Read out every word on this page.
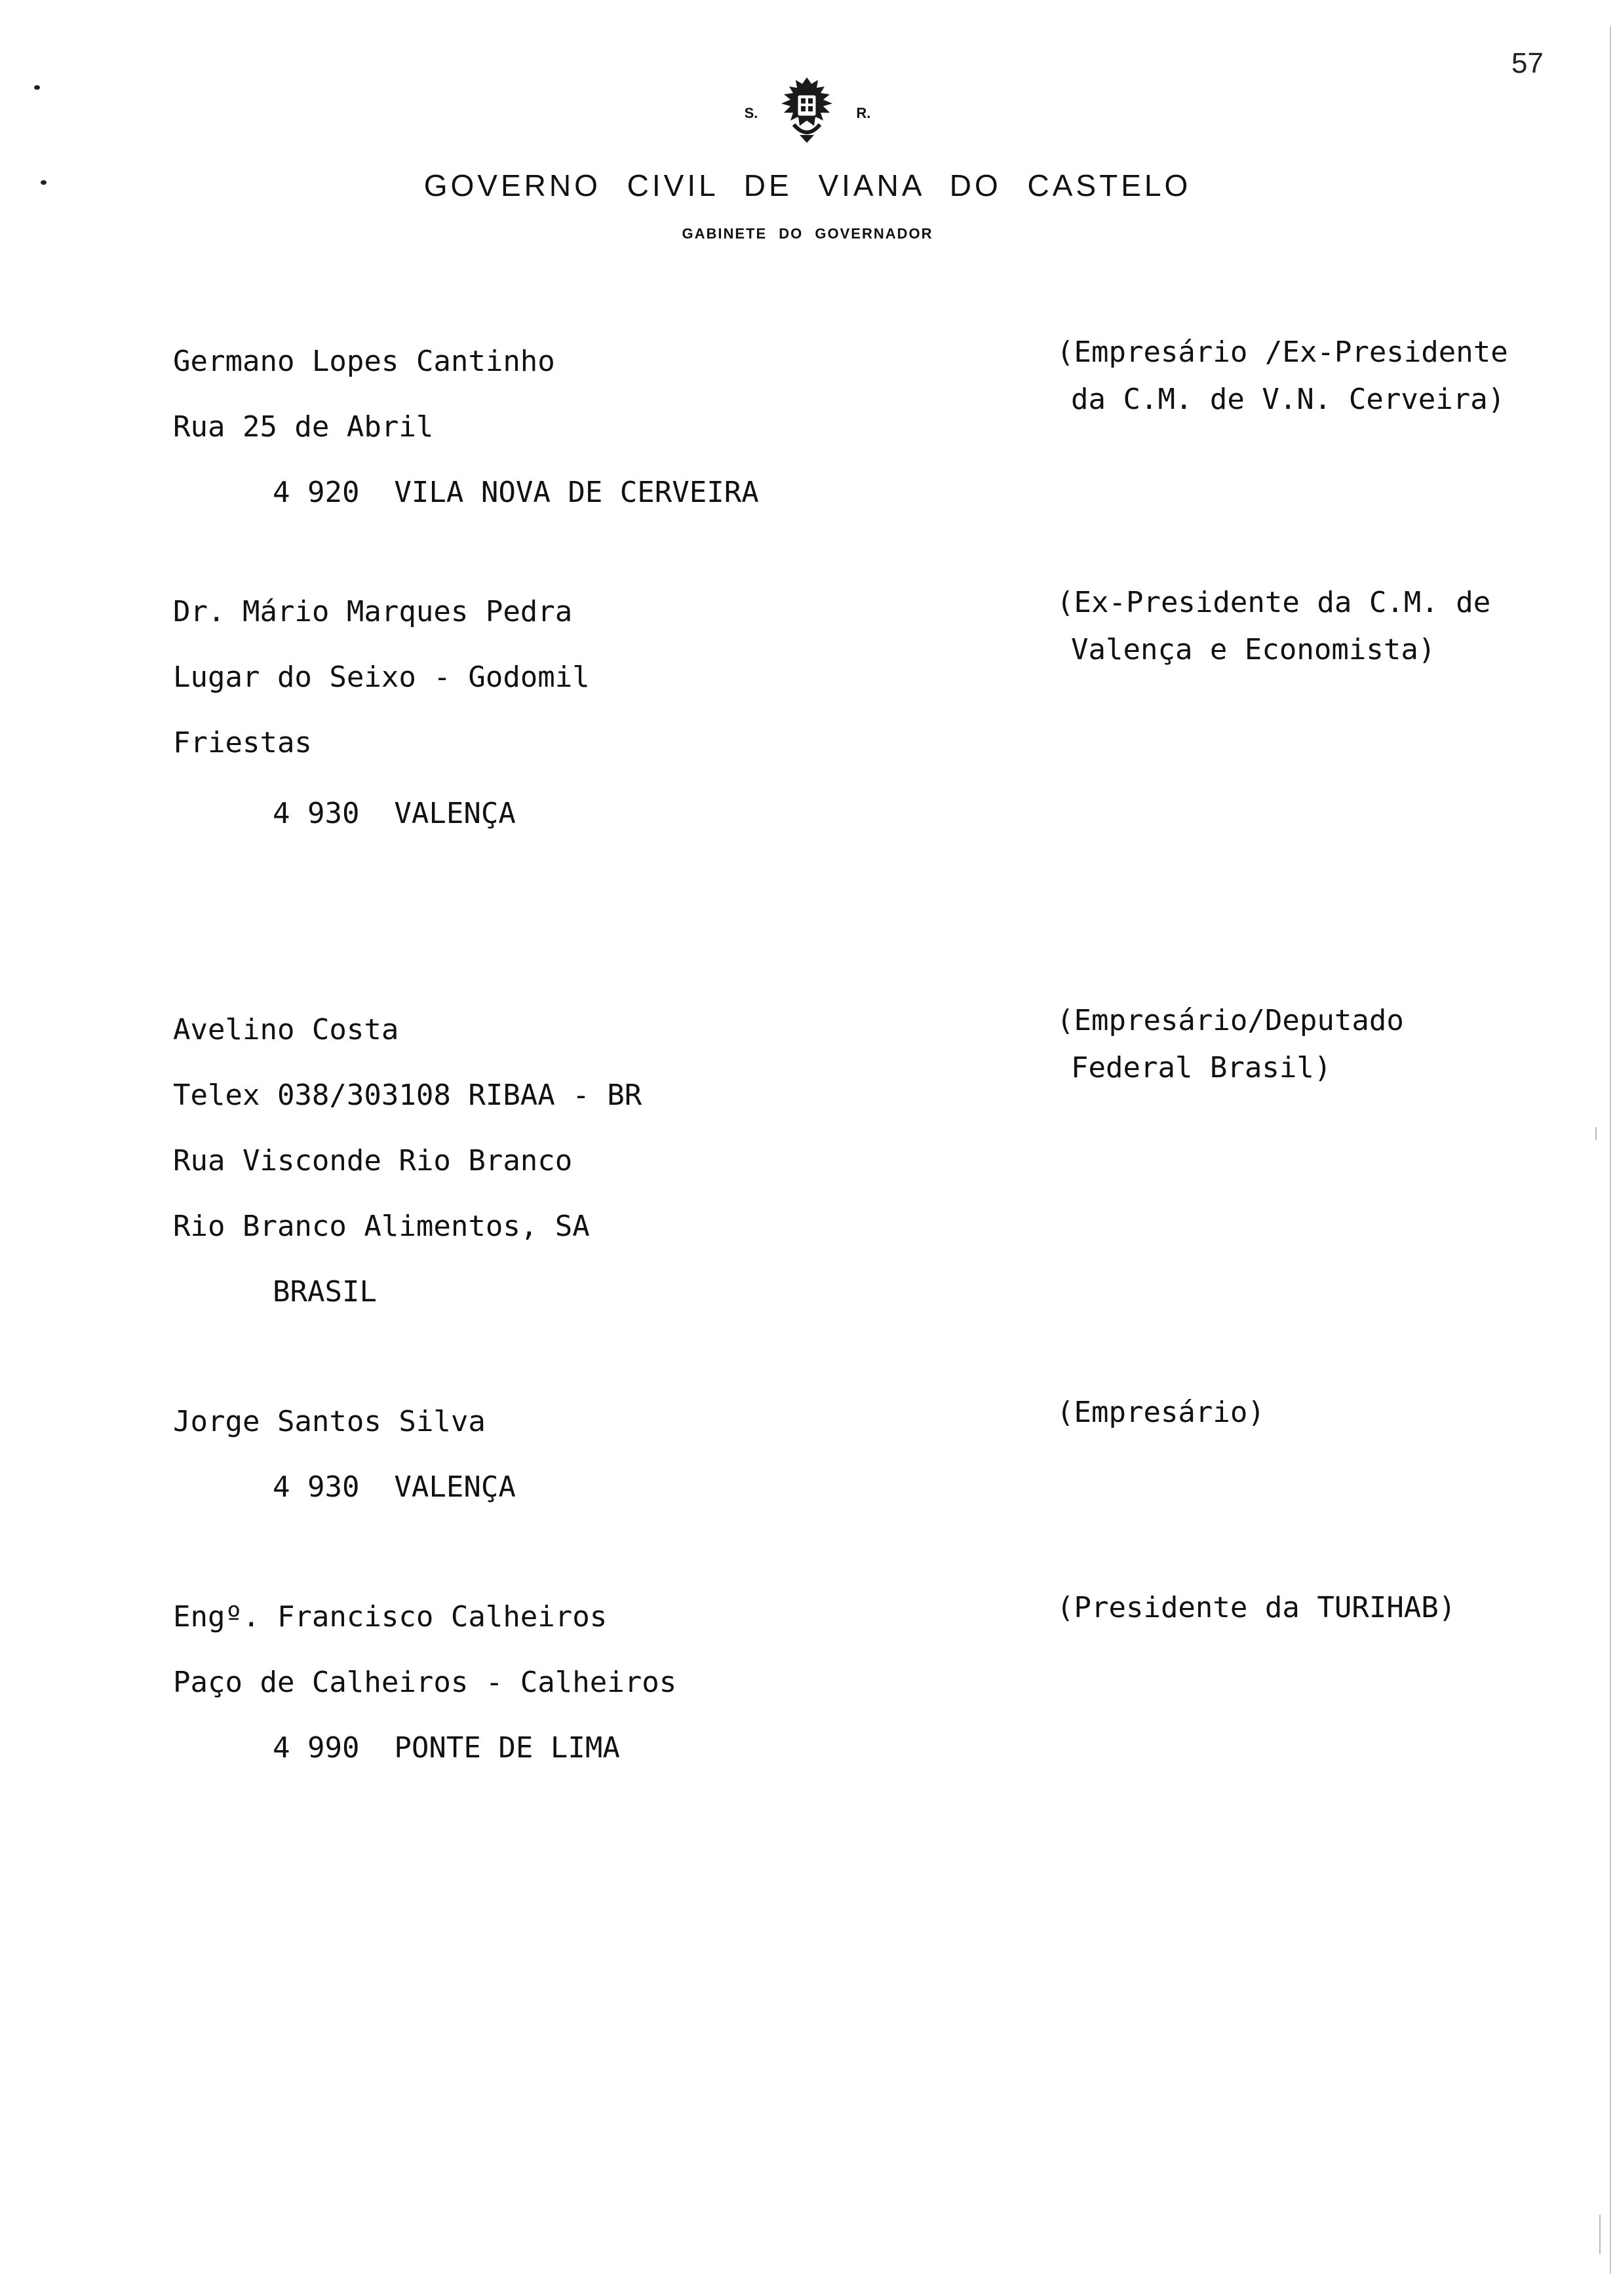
57
S.	R.
GOVERNO CIVIL DE VIANA DO CASTELO
GABINETE DO GOVERNADOR
Germano Lopes Cantinho
Rua 25 de Abril
4 920  VILA NOVA DE CERVEIRA
(Empresário /Ex-Presidente
da C.M. de V.N. Cerveira)
Dr. Mário Marques Pedra
Lugar do Seixo - Godomil
Friestas
4 930  VALENÇA
(Ex-Presidente da C.M. de
Valença e Economista)
Avelino Costa
Telex 038/303108 RIBAA - BR
Rua Visconde Rio Branco
Rio Branco Alimentos, SA
BRASIL
(Empresário/Deputado
Federal Brasil)
Jorge Santos Silva
4 930  VALENÇA
(Empresário)
Engº. Francisco Calheiros
Paço de Calheiros - Calheiros
4 990  PONTE DE LIMA
(Presidente da TURIHAB)
